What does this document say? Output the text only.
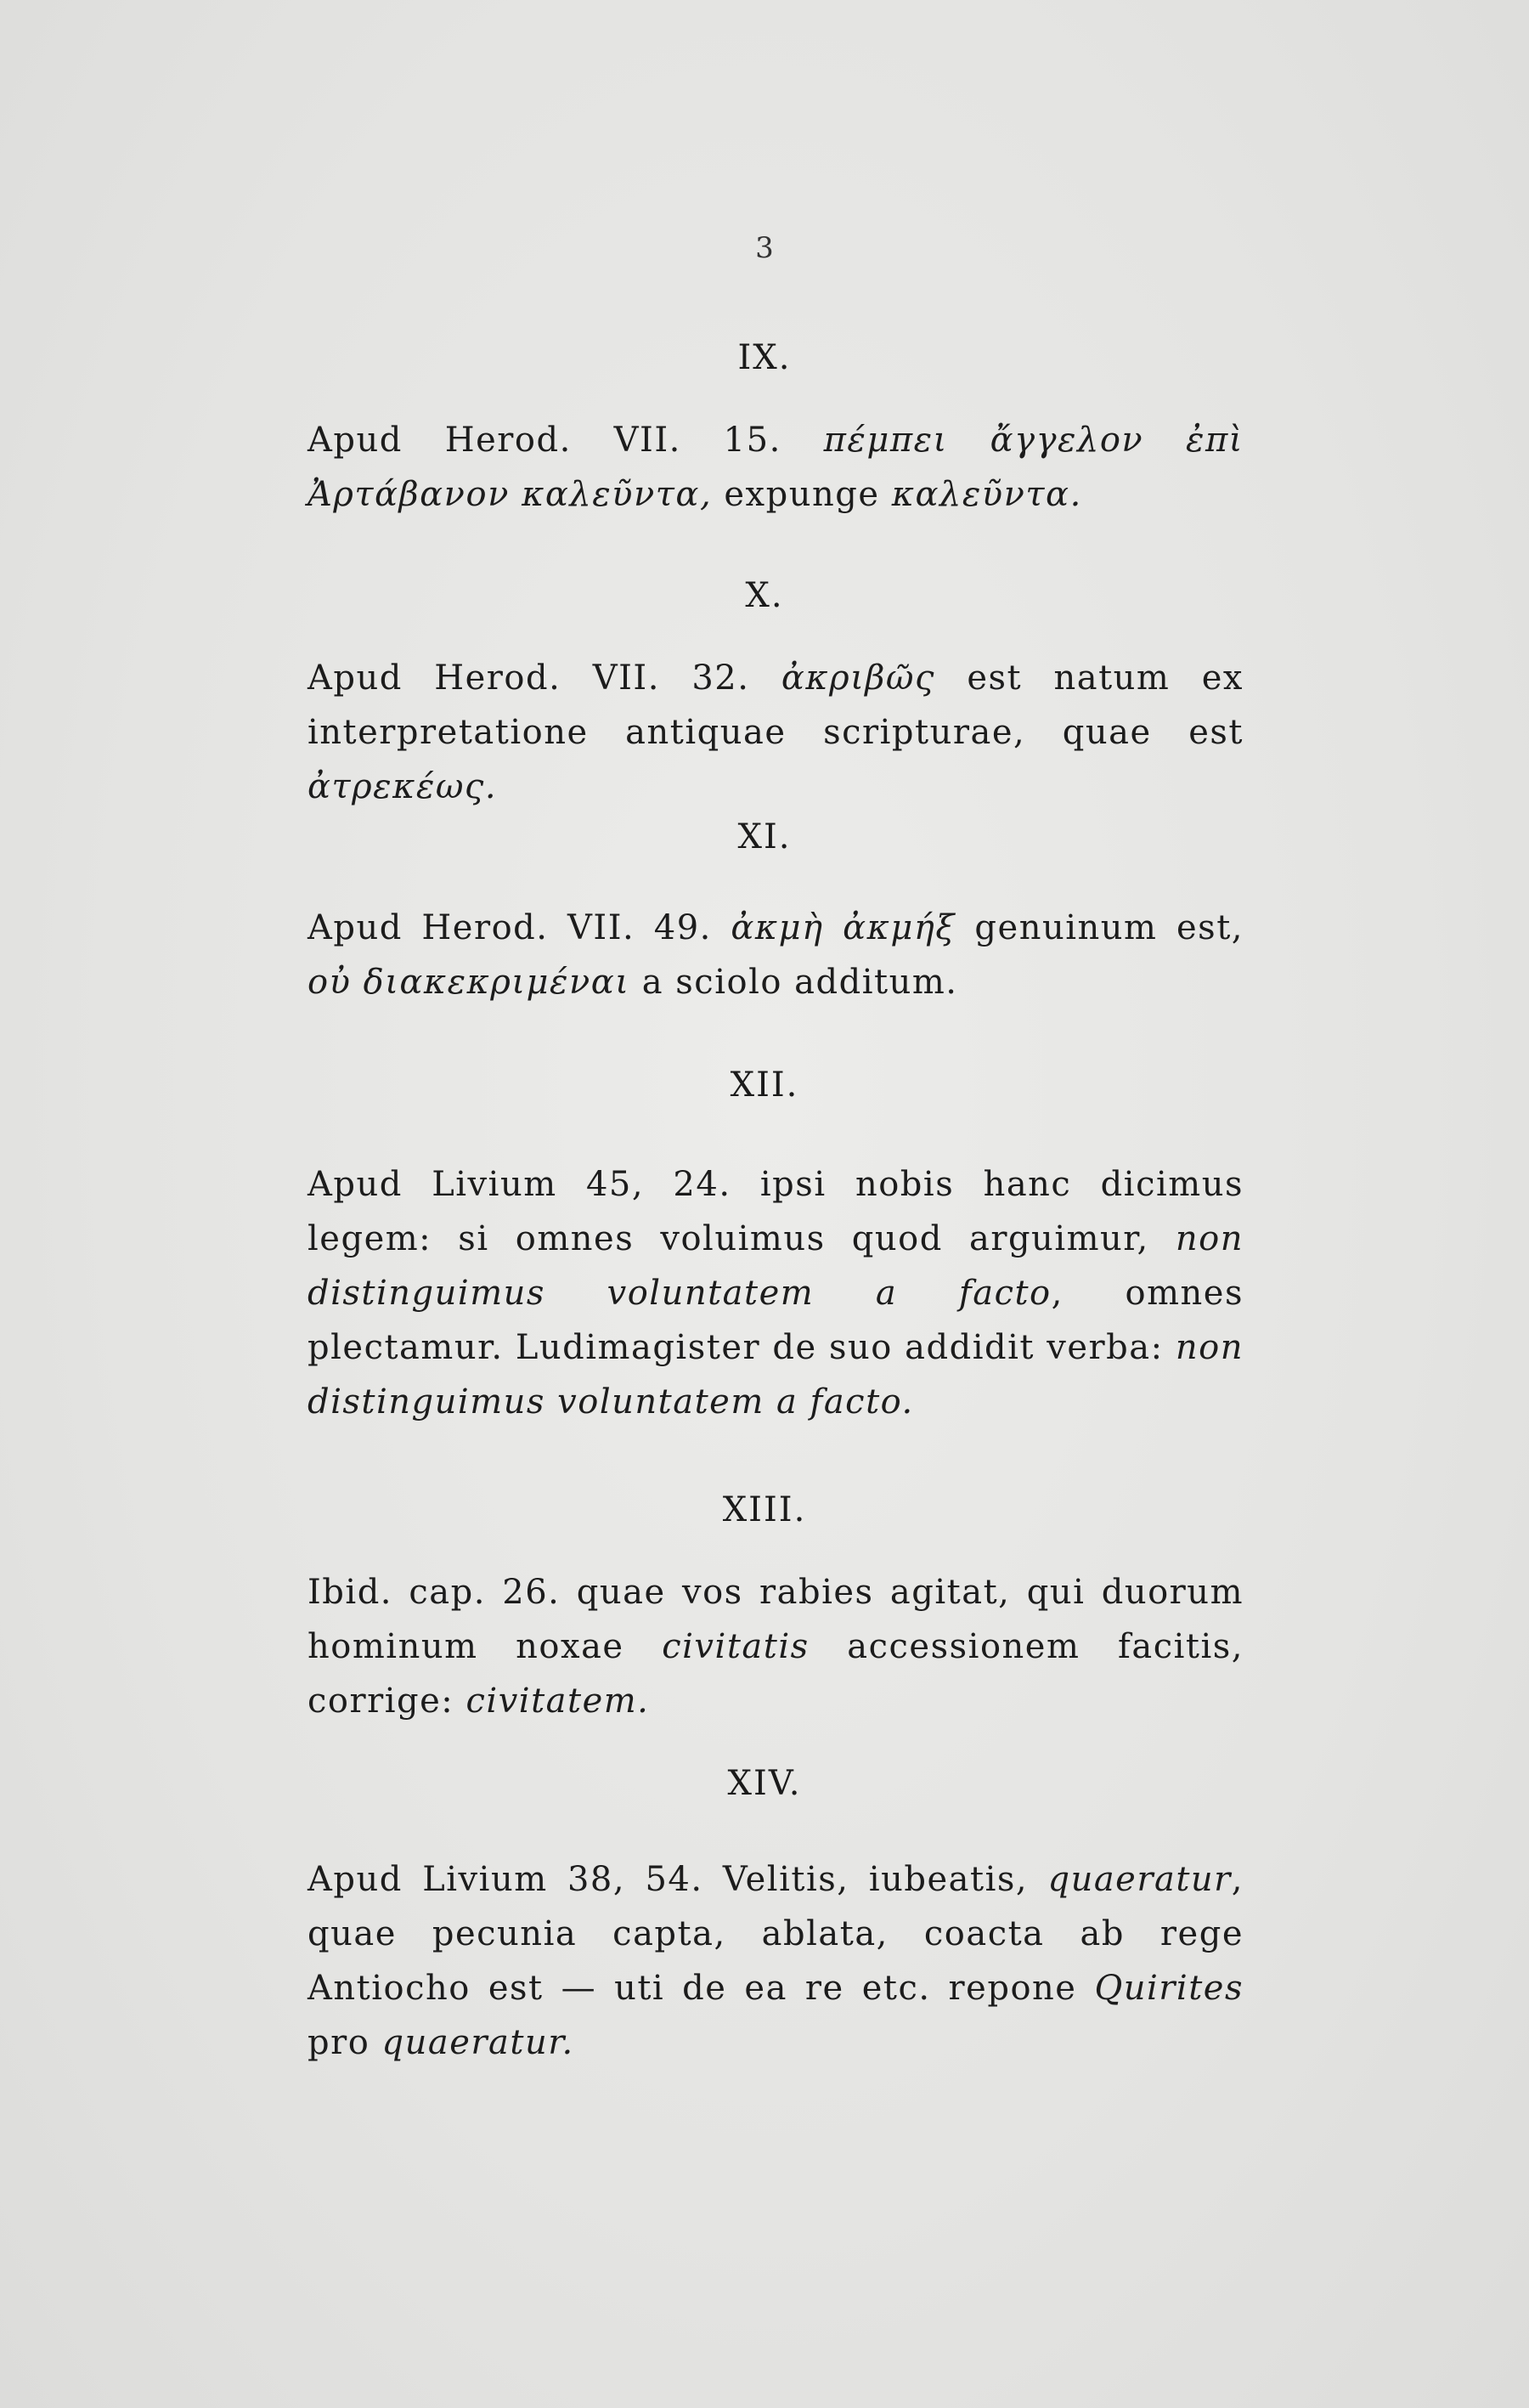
3
IX.

Apud Herod. VII. 15. πέμπει ἄγγελον ἐπὶ Ἀρτάβανον καλεῦντα, expunge καλεῦντα.

X.

Apud Herod. VII. 32. ἀκριβῶς est natum ex interpretatione antiquae scripturae, quae est ἀτρεκέως.

XI.

Apud Herod. VII. 49. ἀκμὴ ἀκμήξ genuinum est, οὐ διακεκριμέναι a sciolo additum.

XII.

Apud Livium 45, 24. ipsi nobis hanc dicimus legem: si omnes voluimus quod arguimur, non distinguimus voluntatem a facto, omnes plectamur. Ludimagister de suo addidit verba: non distinguimus voluntatem a facto.

XIII.

Ibid. cap. 26. quae vos rabies agitat, qui duorum hominum noxae civitatis accessionem facitis, corrige: civitatem.

XIV.

Apud Livium 38, 54. Velitis, iubeatis, quaeratur, quae pecunia capta, ablata, coacta ab rege Antiocho est — uti de ea re etc. repone Quirites pro quaeratur.
